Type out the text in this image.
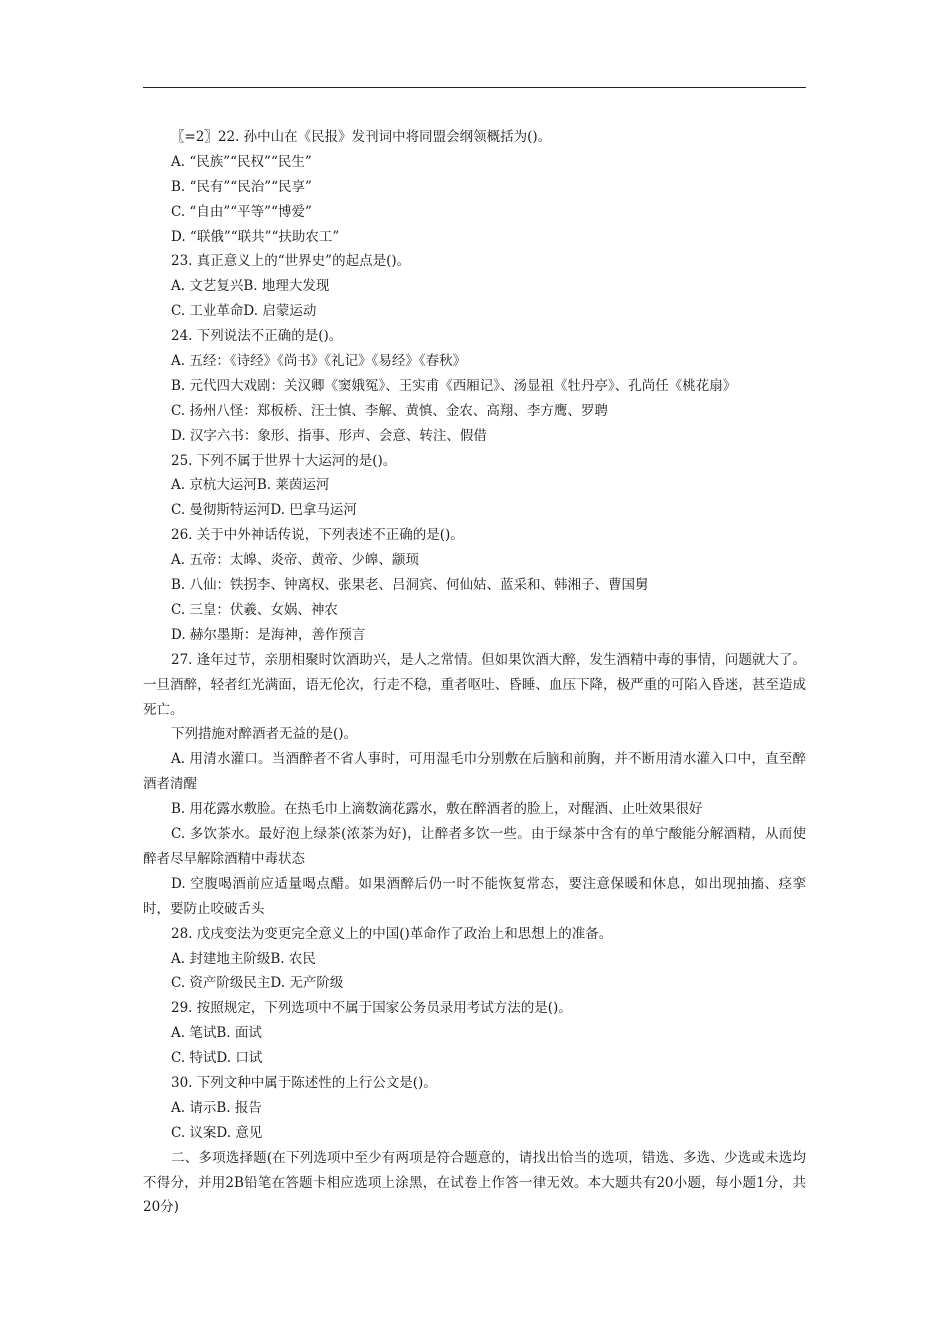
〖=2〗22. 孙中山在《民报》发刊词中将同盟会纲领概括为()。
A. “民族”“民权”“民生”
B. “民有”“民治”“民享”
C. “自由”“平等”“博爱”
D. “联俄”“联共”“扶助农工”
23. 真正意义上的“世界史”的起点是()。
A. 文艺复兴B. 地理大发现
C. 工业革命D. 启蒙运动
24. 下列说法不正确的是()。
A. 五经：《诗经》《尚书》《礼记》《易经》《春秋》
B. 元代四大戏剧：关汉卿《窦娥冤》、王实甫《西厢记》、汤显祖《牡丹亭》、孔尚任《桃花扇》
C. 扬州八怪：郑板桥、汪士慎、李解、黄慎、金农、高翔、李方鹰、罗聘
D. 汉字六书：象形、指事、形声、会意、转注、假借
25. 下列不属于世界十大运河的是()。
A. 京杭大运河B. 莱茵运河
C. 曼彻斯特运河D. 巴拿马运河
26. 关于中外神话传说，下列表述不正确的是()。
A. 五帝：太皞、炎帝、黄帝、少皞、颛顼
B. 八仙：铁拐李、钟离权、张果老、吕洞宾、何仙姑、蓝采和、韩湘子、曹国舅
C. 三皇：伏羲、女娲、神农
D. 赫尔墨斯：是海神，善作预言
27. 逢年过节，亲朋相聚时饮酒助兴，是人之常情。但如果饮酒大醉，发生酒精中毒的事情，问题就大了。一旦酒醉，轻者红光满面，语无伦次，行走不稳，重者呕吐、昏睡、血压下降，极严重的可陷入昏迷，甚至造成死亡。
下列措施对醉酒者无益的是()。
A. 用清水灌口。当酒醉者不省人事时，可用湿毛巾分别敷在后脑和前胸，并不断用清水灌入口中，直至醉酒者清醒
B. 用花露水敷脸。在热毛巾上滴数滴花露水，敷在醉酒者的脸上，对醒酒、止吐效果很好
C. 多饮茶水。最好泡上绿茶(浓茶为好)，让醉者多饮一些。由于绿茶中含有的单宁酸能分解酒精，从而使醉者尽早解除酒精中毒状态
D. 空腹喝酒前应适量喝点醋。如果酒醉后仍一时不能恢复常态，要注意保暖和休息，如出现抽搐、痉挛时，要防止咬破舌头
28. 戊戌变法为变更完全意义上的中国()革命作了政治上和思想上的准备。
A. 封建地主阶级B. 农民
C. 资产阶级民主D. 无产阶级
29. 按照规定，下列选项中不属于国家公务员录用考试方法的是()。
A. 笔试B. 面试
C. 特试D. 口试
30. 下列文种中属于陈述性的上行公文是()。
A. 请示B. 报告
C. 议案D. 意见
二、多项选择题(在下列选项中至少有两项是符合题意的，请找出恰当的选项，错选、多选、少选或未选均不得分，并用2B铅笔在答题卡相应选项上涂黑，在试卷上作答一律无效。本大题共有20小题，每小题1分，共20分)
